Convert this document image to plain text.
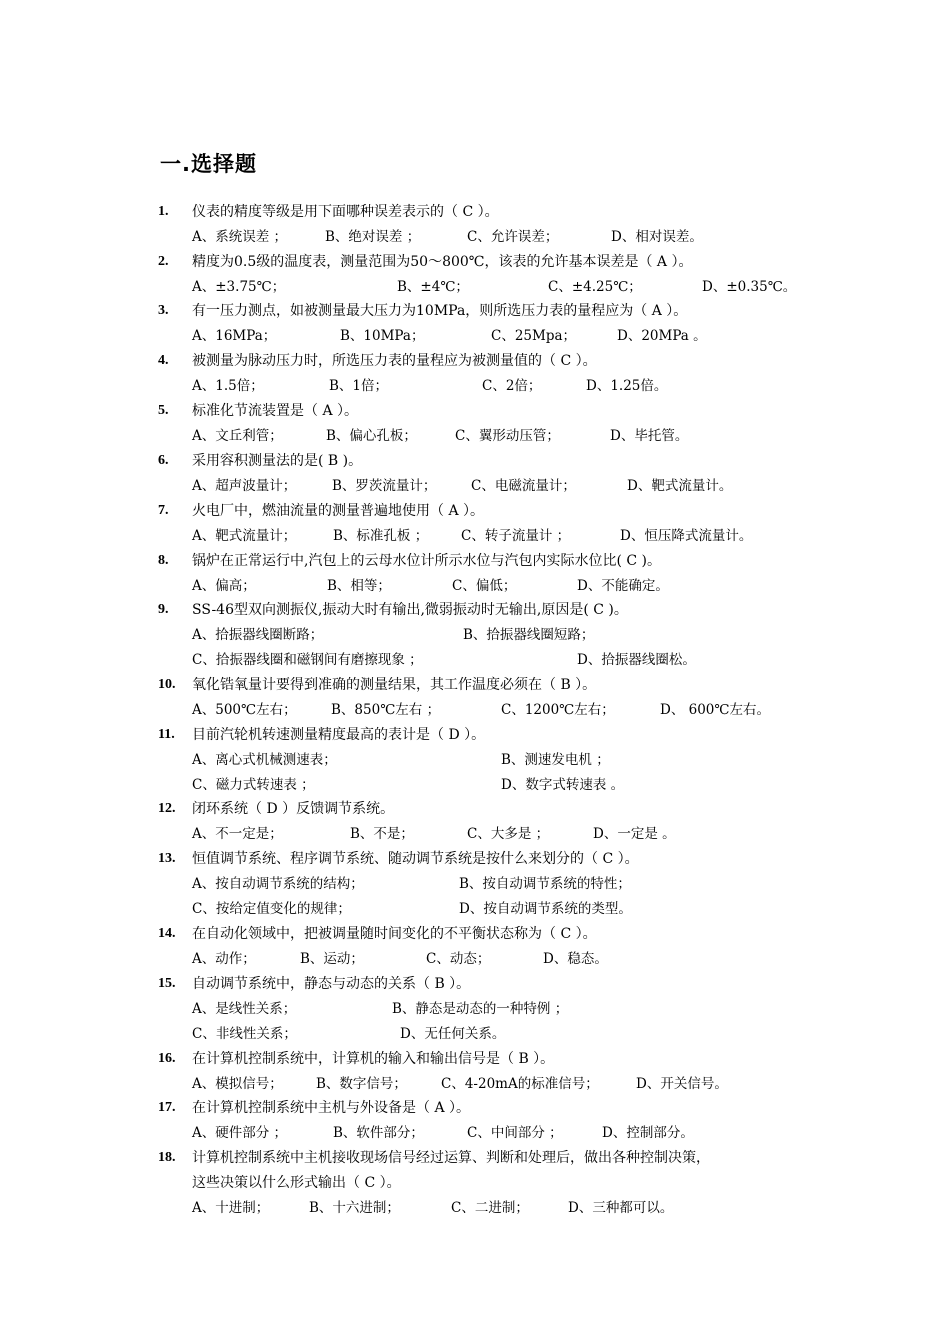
一.选择题
1. 仪表的精度等级是用下面哪种误差表示的（ C ）。
A、系统误差 ；	B、绝对误差 ；	C、允许误差；	D、相对误差。
2. 精度为0.5级的温度表，测量范围为50～800℃，该表的允许基本误差是（ A ）。
A、±3.75℃；	B、±4℃；	C、±4.25℃；	D、±0.35℃。
3. 有一压力测点，如被测量最大压力为10MPa，则所选压力表的量程应为（ A ）。
A、16MPa；	B、10MPa；	C、25Mpa；	D、20MPa 。
4. 被测量为脉动压力时，所选压力表的量程应为被测量值的（ C ）。
A、1.5倍；	B、1倍；	C、2倍；	D、1.25倍。
5. 标准化节流装置是（ A ）。
A、文丘利管；	B、偏心孔板；	C、翼形动压管；	D、毕托管。
6. 采用容积测量法的是( B )。
A、超声波量计；	B、罗茨流量计；	C、电磁流量计；	D、靶式流量计。
7. 火电厂中，燃油流量的测量普遍地使用（ A ）。
A、靶式流量计；	B、标准孔板 ； C、转子流量计 ；	D、恒压降式流量计。
8. 锅炉在正常运行中,汽包上的云母水位计所示水位与汽包内实际水位比( C )。
A、偏高；	B、相等；	C、偏低；	D、不能确定。
9. SS-46型双向测振仪,振动大时有输出,微弱振动时无输出,原因是( C )。
A、拾振器线圈断路；	B、拾振器线圈短路；
C、拾振器线圈和磁钢间有磨擦现象 ；	D、拾振器线圈松。
10. 氧化锆氧量计要得到准确的测量结果，其工作温度必须在（ B ）。
A、500℃左右；	B、850℃左右 ；	C、1200℃左右；	D、 600℃左右。
11. 目前汽轮机转速测量精度最高的表计是（ D ）。
A、离心式机械测速表；	B、测速发电机 ；
C、磁力式转速表 ；	D、数字式转速表 。
12. 闭环系统（ D ）反馈调节系统。
A、不一定是；	B、不是；	C、大多是 ；	D、一定是 。
13. 恒值调节系统、程序调节系统、随动调节系统是按什么来划分的（ C ）。
A、按自动调节系统的结构；	B、按自动调节系统的特性；
C、按给定值变化的规律；	D、按自动调节系统的类型。
14. 在自动化领域中，把被调量随时间变化的不平衡状态称为（ C ）。
A、动作；	B、运动；	C、动态；	D、稳态。
15. 自动调节系统中，静态与动态的关系（ B ）。
A、是线性关系；	B、静态是动态的一种特例 ；
C、非线性关系；	D、无任何关系。
16. 在计算机控制系统中，计算机的输入和输出信号是（ B ）。
A、模拟信号； B、数字信号；	C、4-20mA的标准信号；	D、开关信号。
17. 在计算机控制系统中主机与外设备是（ A ）。
A、硬件部分 ；	B、软件部分；	C、中间部分 ；	D、控制部分。
18. 计算机控制系统中主机接收现场信号经过运算、判断和处理后，做出各种控制决策，
这些决策以什么形式输出（ C ）。
A、十进制；	B、十六进制；	C、二进制；	D、三种都可以。
